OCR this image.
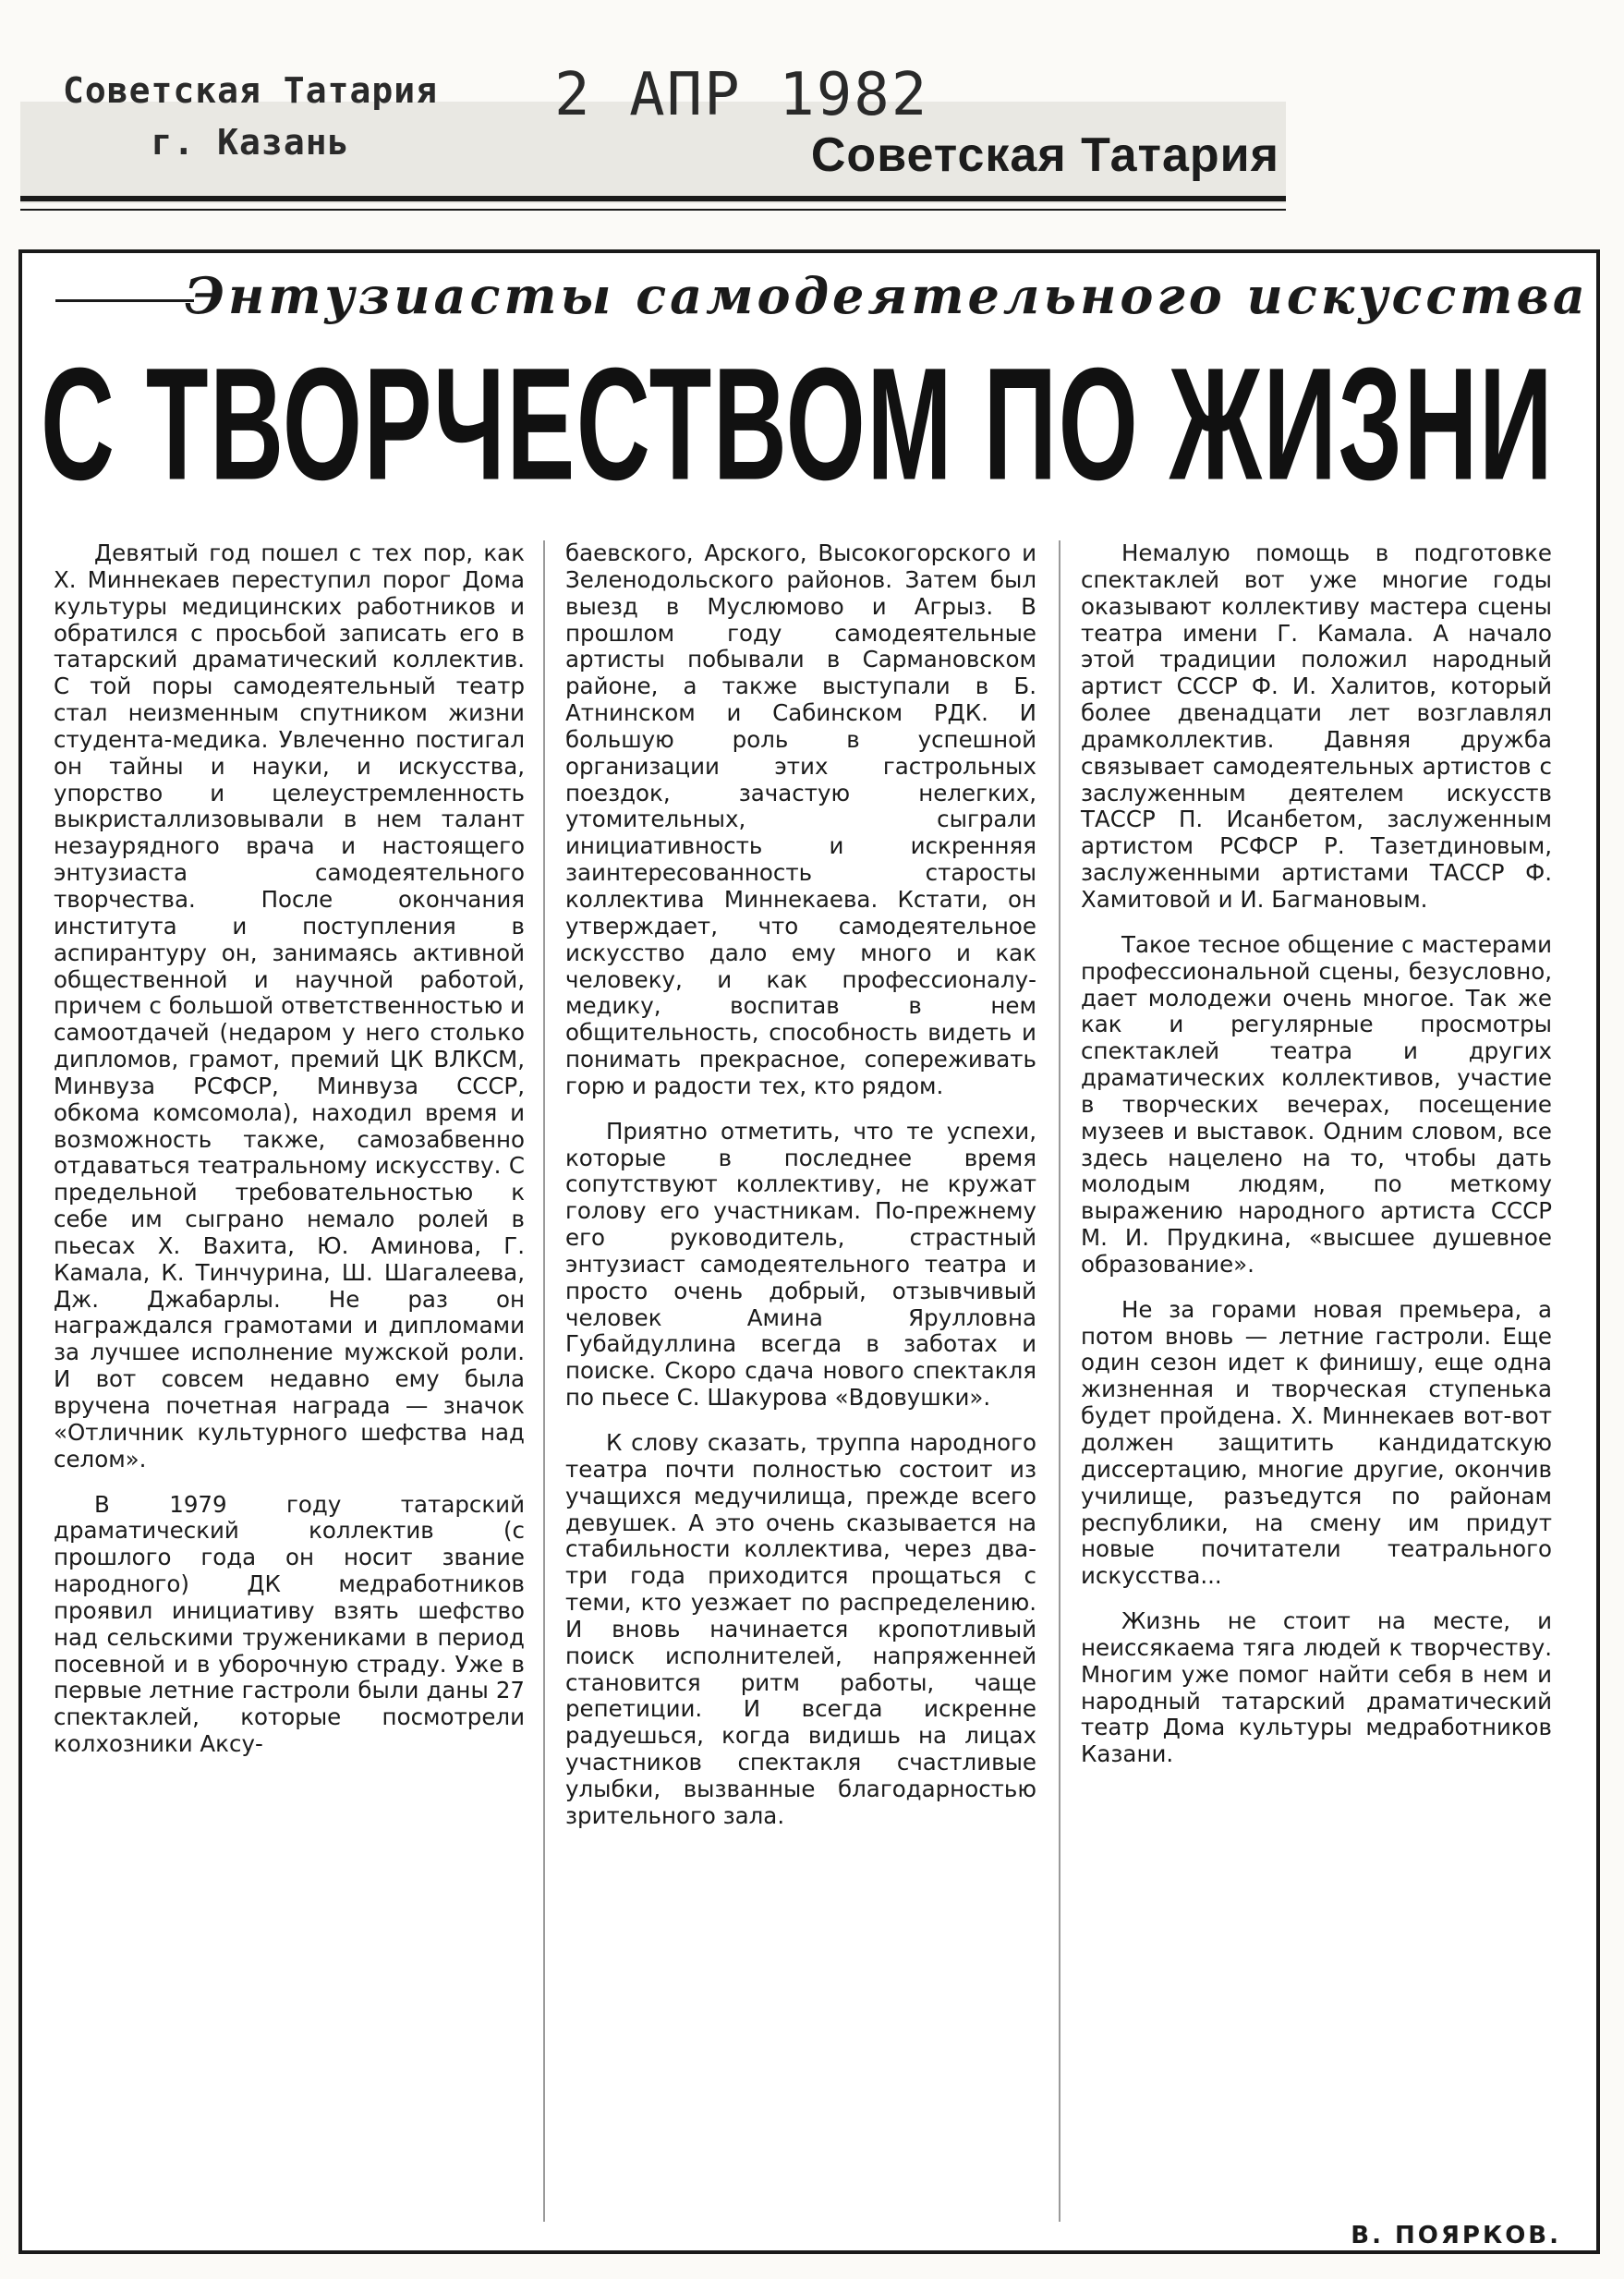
Советская Татария
г. Казань
2 АПР 1982
Советская Татария
Энтузиасты самодеятельного искусства
С ТВОРЧЕСТВОМ ПО ЖИЗНИ

Девятый год пошел с тех пор, как Х. Миннекаев переступил порог Дома культуры медицинских работников и обратился с просьбой записать его в татарский драматический коллектив. С той поры самодеятельный театр стал неизменным спутником жизни студента-медика. Увлеченно постигал он тайны и науки, и искусства, упорство и целеустремленность выкристаллизовывали в нем талант незаурядного врача и настоящего энтузиаста самодеятельного творчества. После окончания института и поступления в аспирантуру он, занимаясь активной общественной и научной работой, причем с большой ответственностью и самоотдачей (недаром у него столько дипломов, грамот, премий ЦК ВЛКСМ, Минвуза РСФСР, Минвуза СССР, обкома комсомола), находил время и возможность также, самозабвенно отдаваться театральному искусству. С предельной требовательностью к себе им сыграно немало ролей в пьесах Х. Вахита, Ю. Аминова, Г. Камала, К. Тинчурина, Ш. Шагалеева, Дж. Джабарлы. Не раз он награждался грамотами и дипломами за лучшее исполнение мужской роли. И вот совсем недавно ему была вручена почетная награда — значок «Отличник культурного шефства над селом».

В 1979 году татарский драматический коллектив (с прошлого года он носит звание народного) ДК медработников проявил инициативу взять шефство над сельскими тружениками в период посевной и в уборочную страду. Уже в первые летние гастроли были даны 27 спектаклей, которые посмотрели колхозники Аксу-

баевского, Арского, Высокогорского и Зеленодольского районов. Затем был выезд в Муслюмово и Агрыз. В прошлом году самодеятельные артисты побывали в Сармановском районе, а также выступали в Б. Атнинском и Сабинском РДК. И большую роль в успешной организации этих гастрольных поездок, зачастую нелегких, утомительных, сыграли инициативность и искренняя заинтересованность старосты коллектива Миннекаева. Кстати, он утверждает, что самодеятельное искусство дало ему много и как человеку, и как профессионалу-медику, воспитав в нем общительность, способность видеть и понимать прекрасное, сопереживать горю и радости тех, кто рядом.

Приятно отметить, что те успехи, которые в последнее время сопутствуют коллективу, не кружат голову его участникам. По-прежнему его руководитель, страстный энтузиаст самодеятельного театра и просто очень добрый, отзывчивый человек Амина Ярулловна Губайдуллина всегда в заботах и поиске. Скоро сдача нового спектакля по пьесе С. Шакурова «Вдовушки».

К слову сказать, труппа народного театра почти полностью состоит из учащихся медучилища, прежде всего девушек. А это очень сказывается на стабильности коллектива, через два-три года приходится прощаться с теми, кто уезжает по распределению. И вновь начинается кропотливый поиск исполнителей, напряженней становится ритм работы, чаще репетиции. И всегда искренне радуешься, когда видишь на лицах участников спектакля счастливые улыбки, вызванные благодарностью зрительного зала.

Немалую помощь в подготовке спектаклей вот уже многие годы оказывают коллективу мастера сцены театра имени Г. Камала. А начало этой традиции положил народный артист СССР Ф. И. Халитов, который более двенадцати лет возглавлял драмколлектив. Давняя дружба связывает самодеятельных артистов с заслуженным деятелем искусств ТАССР П. Исанбетом, заслуженным артистом РСФСР Р. Тазетдиновым, заслуженными артистами ТАССР Ф. Хамитовой и И. Багмановым.

Такое тесное общение с мастерами профессиональной сцены, безусловно, дает молодежи очень многое. Так же как и регулярные просмотры спектаклей театра и других драматических коллективов, участие в творческих вечерах, посещение музеев и выставок. Одним словом, все здесь нацелено на то, чтобы дать молодым людям, по меткому выражению народного артиста СССР М. И. Прудкина, «высшее душевное образование».

Не за горами новая премьера, а потом вновь — летние гастроли. Еще один сезон идет к финишу, еще одна жизненная и творческая ступенька будет пройдена. Х. Миннекаев вот-вот должен защитить кандидатскую диссертацию, многие другие, окончив училище, разъедутся по районам республики, на смену им придут новые почитатели театрального искусства...

Жизнь не стоит на месте, и неиссякаема тяга людей к творчеству. Многим уже помог найти себя в нем и народный татарский драматический театр Дома культуры медработников Казани.

В. ПОЯРКОВ.
